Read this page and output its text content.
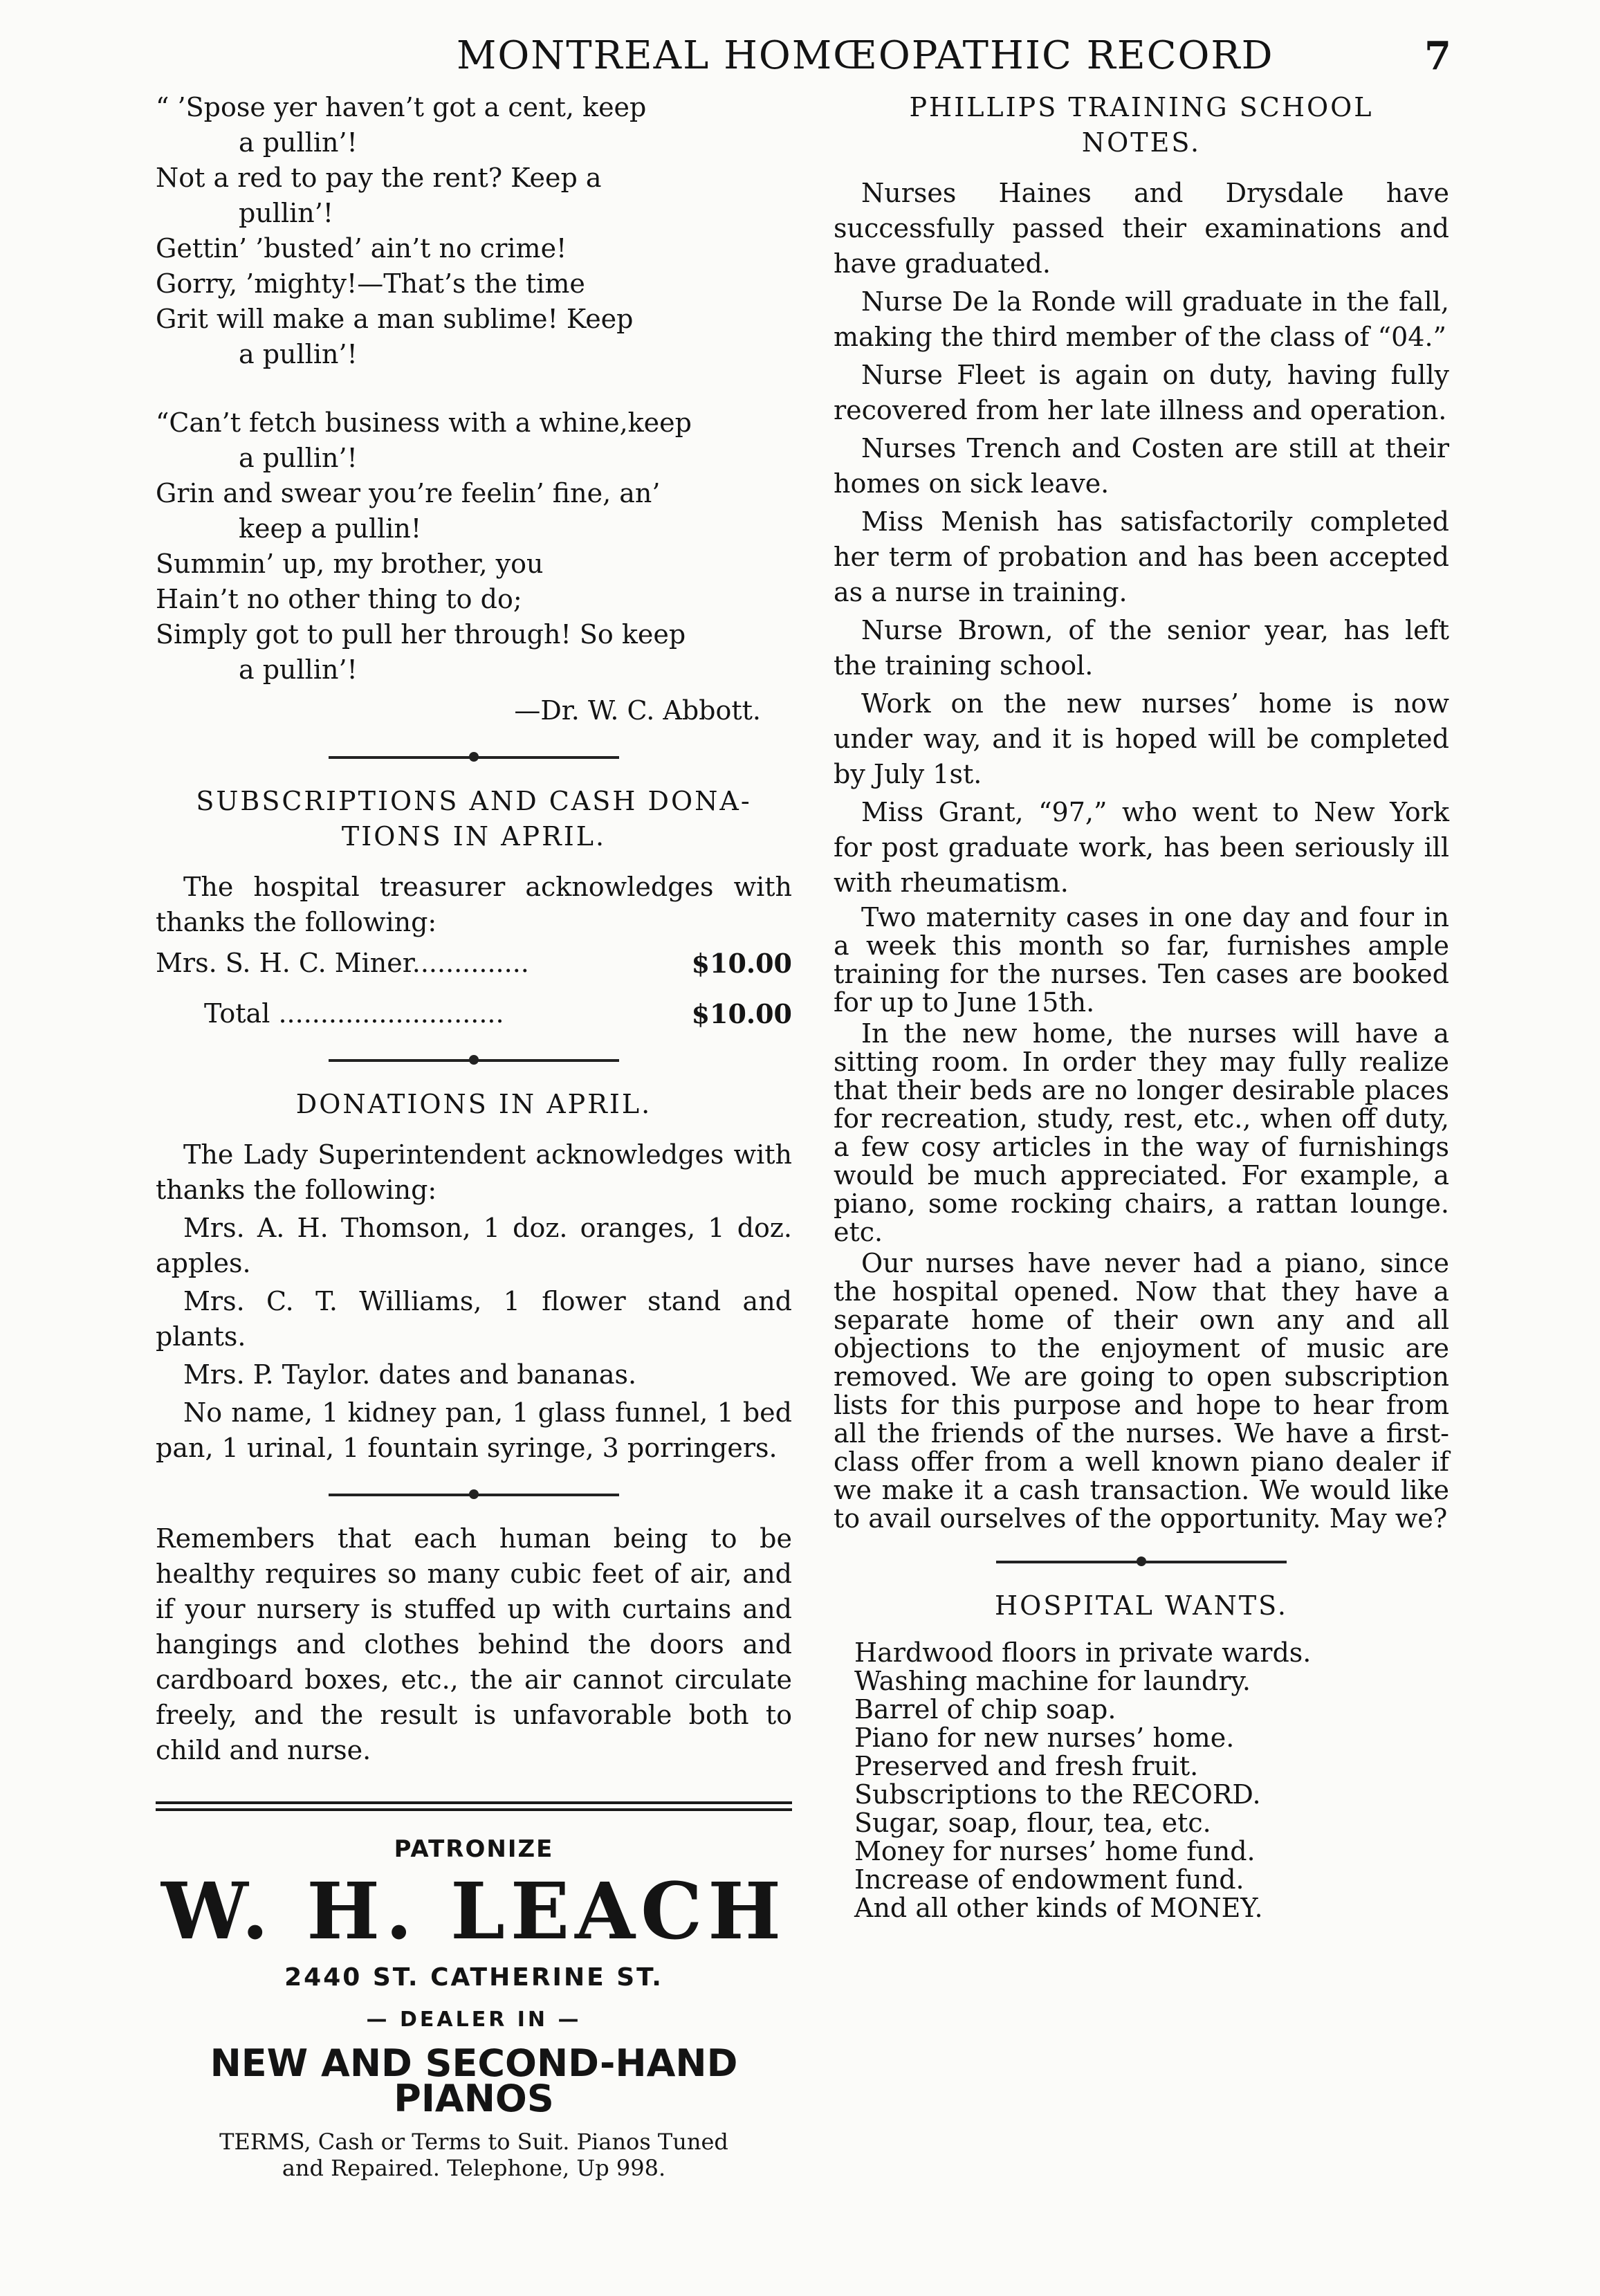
MONTREAL HOMŒOPATHIC RECORD	7
“ ’Spose yer haven’t got a cent, keep
a pullin’!
Not a red to pay the rent? Keep a
pullin’!
Gettin’ ’busted’ ain’t no crime!
Gorry, ’mighty!—That’s the time
Grit will make a man sublime! Keep
a pullin’!
“Can’t fetch business with a whine,keep
a pullin’!
Grin and swear you’re feelin’ fine, an’
keep a pullin!
Summin’ up, my brother, you
Hain’t no other thing to do;
Simply got to pull her through! So keep
a pullin’!
—Dr. W. C. Abbott.
SUBSCRIPTIONS AND CASH DONA-
TIONS IN APRIL.

The hospital treasurer acknowledges with thanks the following:

Mrs. S. H. C. Miner..............	$10.00
Total ...........................	$10.00
DONATIONS IN APRIL.

The Lady Superintendent acknowledges with thanks the following:

Mrs. A. H. Thomson, 1 doz. oranges, 1 doz. apples.

Mrs. C. T. Williams, 1 flower stand and plants.

Mrs. P. Taylor. dates and bananas.

No name, 1 kidney pan, 1 glass funnel, 1 bed pan, 1 urinal, 1 fountain syringe, 3 porringers.

Remembers that each human being to be healthy requires so many cubic feet of air, and if your nursery is stuffed up with curtains and hangings and clothes behind the doors and cardboard boxes, etc., the air cannot circulate freely, and the result is unfavorable both to child and nurse.

PATRONIZE
W. H. LEACH
2440 ST. CATHERINE ST.
— DEALER IN —
NEW AND SECOND-HAND PIANOS
TERMS, Cash or Terms to Suit. Pianos Tuned
and Repaired. Telephone, Up 998.
PHILLIPS TRAINING SCHOOL
NOTES.

Nurses Haines and Drysdale have successfully passed their examinations and have graduated.

Nurse De la Ronde will graduate in the fall, making the third member of the class of “04.”

Nurse Fleet is again on duty, having fully recovered from her late illness and operation.

Nurses Trench and Costen are still at their homes on sick leave.

Miss Menish has satisfactorily completed her term of probation and has been accepted as a nurse in training.

Nurse Brown, of the senior year, has left the training school.

Work on the new nurses’ home is now under way, and it is hoped will be completed by July 1st.

Miss Grant, “97,” who went to New York for post graduate work, has been seriously ill with rheumatism.

Two maternity cases in one day and four in a week this month so far, furnishes ample training for the nurses. Ten cases are booked for up to June 15th.

In the new home, the nurses will have a sitting room. In order they may fully realize that their beds are no longer desirable places for recreation, study, rest, etc., when off duty, a few cosy articles in the way of furnishings would be much appreciated. For example, a piano, some rocking chairs, a rattan lounge. etc.

Our nurses have never had a piano, since the hospital opened. Now that they have a separate home of their own any and all objections to the enjoyment of music are removed. We are going to open subscription lists for this purpose and hope to hear from all the friends of the nurses. We have a first-class offer from a well known piano dealer if we make it a cash transaction. We would like to avail ourselves of the opportunity. May we?

HOSPITAL WANTS.
Hardwood floors in private wards.
Washing machine for laundry.
Barrel of chip soap.
Piano for new nurses’ home.
Preserved and fresh fruit.
Subscriptions to the RECORD.
Sugar, soap, flour, tea, etc.
Money for nurses’ home fund.
Increase of endowment fund.
And all other kinds of MONEY.
